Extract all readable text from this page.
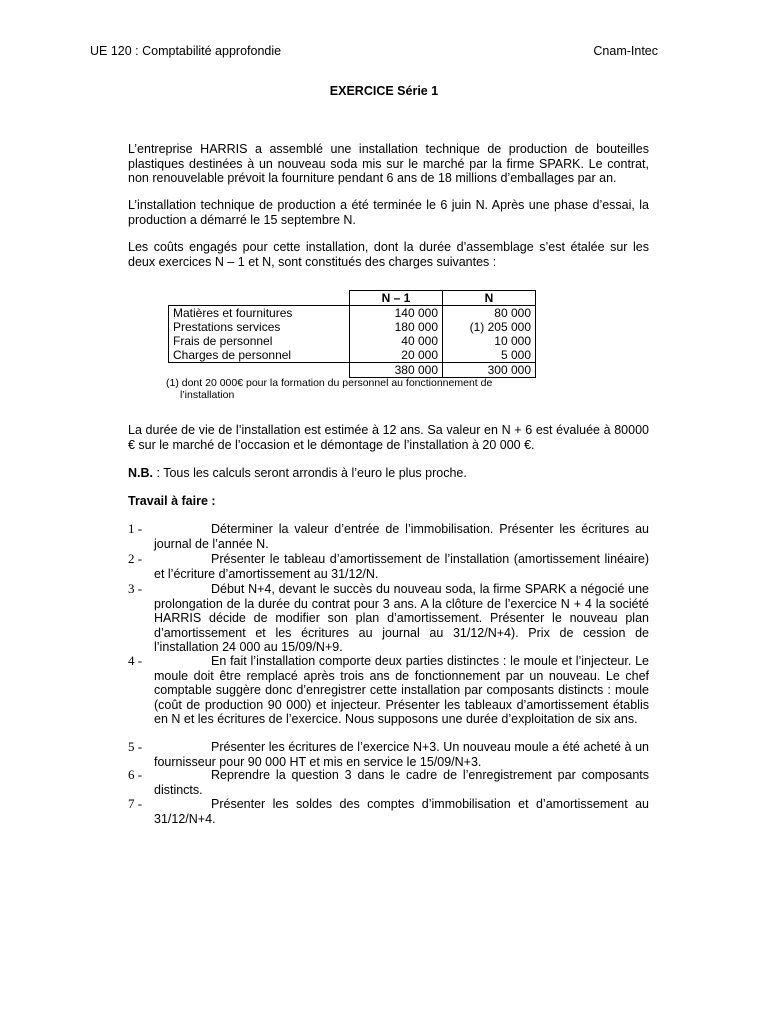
UE 120 : Comptabilité approfondie	Cnam-Intec
EXERCICE Série 1

L’entreprise HARRIS a assemblé une installation technique de production de bouteilles plastiques destinées à un nouveau soda mis sur le marché par la firme SPARK. Le contrat, non renouvelable prévoit la fourniture pendant 6 ans de 18 millions d’emballages par an.

L’installation technique de production a été terminée le 6 juin N. Après une phase d’essai, la production a démarré le 15 septembre N.

Les coûts engagés pour cette installation, dont la durée d’assemblage s’est étalée sur les deux exercices N – 1 et N, sont constitués des charges suivantes :

	N – 1	N
Matières et fournitures	140 000	80 000
Prestations services	180 000	(1) 205 000
Frais de personnel	40 000	10 000
Charges de personnel	20 000	5 000
	380 000	300 000
(1) dont 20 000€ pour la formation du personnel au fonctionnement de
l’installation

La durée de vie de l’installation est estimée à 12 ans. Sa valeur en N + 6 est évaluée à 80000 € sur le marché de l’occasion et le démontage de l’installation à 20 000 €.

N.B. : Tous les calculs seront arrondis à l’euro le plus proche.

Travail à faire :
1 -	Déterminer la valeur d’entrée de l’immobilisation. Présenter les écritures au journal de l’année N.
2 -	Présenter le tableau d’amortissement de l’installation (amortissement linéaire) et l’écriture d’amortissement au 31/12/N.
3 -	Début N+4, devant le succès du nouveau soda, la firme SPARK a négocié une prolongation de la durée du contrat pour 3 ans. A la clôture de l’exercice N + 4 la société HARRIS décide de modifier son plan d’amortissement. Présenter le nouveau plan d’amortissement et les écritures au journal au 31/12/N+4). Prix de cession de l’installation 24 000 au 15/09/N+9.
4 -	En fait l’installation comporte deux parties distinctes : le moule et l’injecteur. Le moule doit être remplacé après trois ans de fonctionnement par un nouveau. Le chef comptable suggère donc d’enregistrer cette installation par composants distincts : moule (coût de production 90 000) et injecteur. Présenter les tableaux d’amortissement établis en N et les écritures de l’exercice. Nous supposons une durée d’exploitation de six ans.
5 -	Présenter les écritures de l’exercice N+3. Un nouveau moule a été acheté à un fournisseur pour 90 000 HT et mis en service le 15/09/N+3.
6 -	Reprendre la question 3 dans le cadre de l’enregistrement par composants distincts.
7 -	Présenter les soldes des comptes d’immobilisation et d’amortissement au 31/12/N+4.
